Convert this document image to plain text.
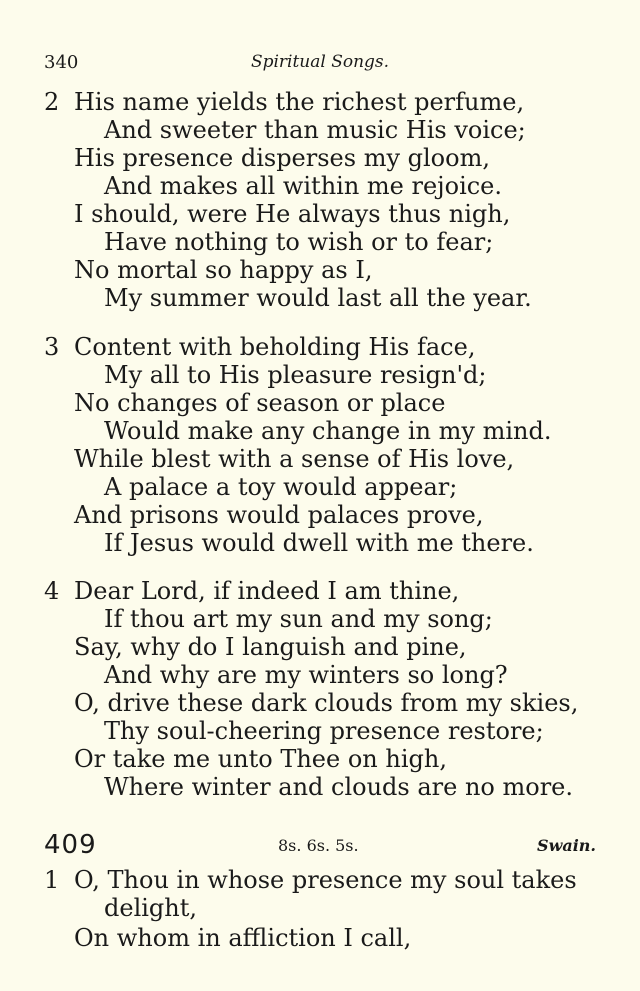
340	Spiritual Songs.
2 His name yields the richest perfume,
And sweeter than music His voice;
His presence disperses my gloom,
And makes all within me rejoice.
I should, were He always thus nigh,
Have nothing to wish or to fear;
No mortal so happy as I,
My summer would last all the year.
3 Content with beholding His face,
My all to His pleasure resign'd;
No changes of season or place
Would make any change in my mind.
While blest with a sense of His love,
A palace a toy would appear;
And prisons would palaces prove,
If Jesus would dwell with me there.
4 Dear Lord, if indeed I am thine,
If thou art my sun and my song;
Say, why do I languish and pine,
And why are my winters so long?
O, drive these dark clouds from my skies,
Thy soul-cheering presence restore;
Or take me unto Thee on high,
Where winter and clouds are no more.
409	8s. 6s. 5s.	Swain.
1 O, Thou in whose presence my soul takes
delight,
On whom in affliction I call,
